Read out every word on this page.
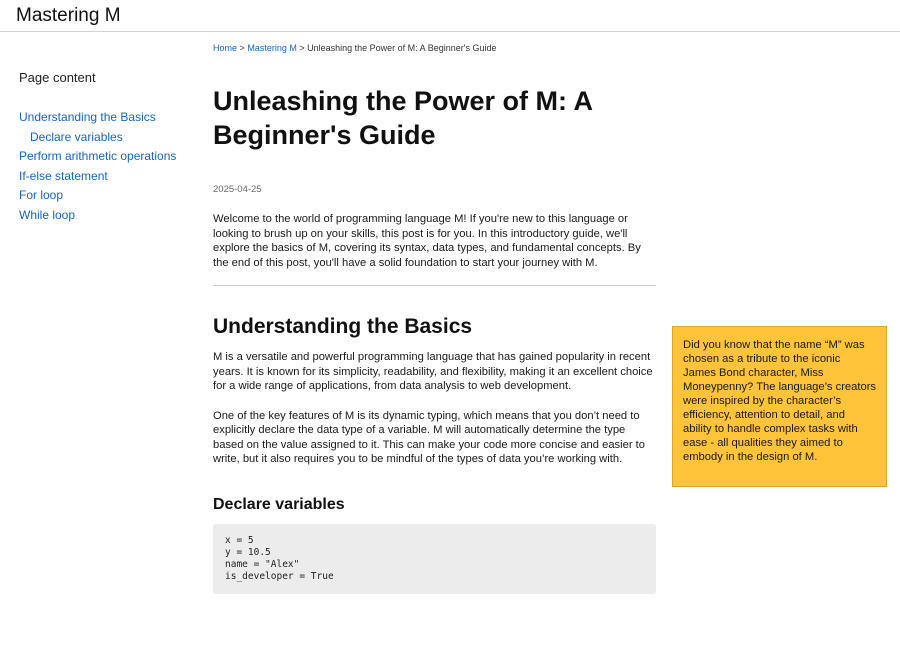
Mastering M
Page content
Understanding the Basics
Declare variables
Perform arithmetic operations
If-else statement
For loop
While loop
Home > Mastering M > Unleashing the Power of M: A Beginner's Guide
Unleashing the Power of M: A Beginner's Guide
2025-04-25

Welcome to the world of programming language M! If you're new to this language or looking to brush up on your skills, this post is for you. In this introductory guide, we'll explore the basics of M, covering its syntax, data types, and fundamental concepts. By the end of this post, you'll have a solid foundation to start your journey with M.

Understanding the Basics

M is a versatile and powerful programming language that has gained popularity in recent years. It is known for its simplicity, readability, and flexibility, making it an excellent choice for a wide range of applications, from data analysis to web development.

One of the key features of M is its dynamic typing, which means that you don’t need to explicitly declare the data type of a variable. M will automatically determine the type based on the value assigned to it. This can make your code more concise and easier to write, but it also requires you to be mindful of the types of data you’re working with.

Declare variables
x = 5
y = 10.5
name = "Alex"
is_developer = True
Did you know that the name “M” was chosen as a tribute to the iconic James Bond character, Miss Moneypenny? The language’s creators were inspired by the character’s efficiency, attention to detail, and ability to handle complex tasks with ease - all qualities they aimed to embody in the design of M.
